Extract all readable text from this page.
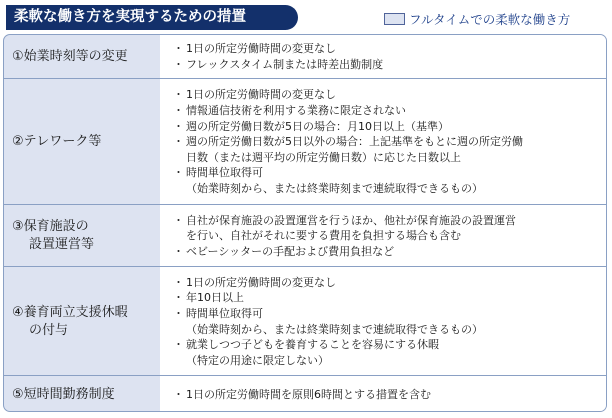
柔軟な働き方を実現するための措置	フルタイムでの柔軟な働き方
①始業時刻等の変更
・ 1日の所定労働時間の変更なし
・ フレックスタイム制または時差出勤制度
②テレワーク等
・ 1日の所定労働時間の変更なし
・ 情報通信技術を利用する業務に限定されない
・ 週の所定労働日数が5日の場合：月10日以上（基準）
・ 週の所定労働日数が5日以外の場合：上記基準をもとに週の所定労働
日数（または週平均の所定労働日数）に応じた日数以上
・ 時間単位取得可
（始業時刻から、または終業時刻まで連続取得できるもの）
③保育施設の
設置運営等
・ 自社が保育施設の設置運営を行うほか、他社が保育施設の設置運営
を行い、自社がそれに要する費用を負担する場合も含む
・ ベビーシッターの手配および費用負担など
④養育両立支援休暇
の付与
・ 1日の所定労働時間の変更なし
・ 年10日以上
・ 時間単位取得可
（始業時刻から、または終業時刻まで連続取得できるもの）
・ 就業しつつ子どもを養育することを容易にする休暇
（特定の用途に限定しない）
⑤短時間勤務制度
・	1日の所定労働時間を原則6時間とする措置を含む
